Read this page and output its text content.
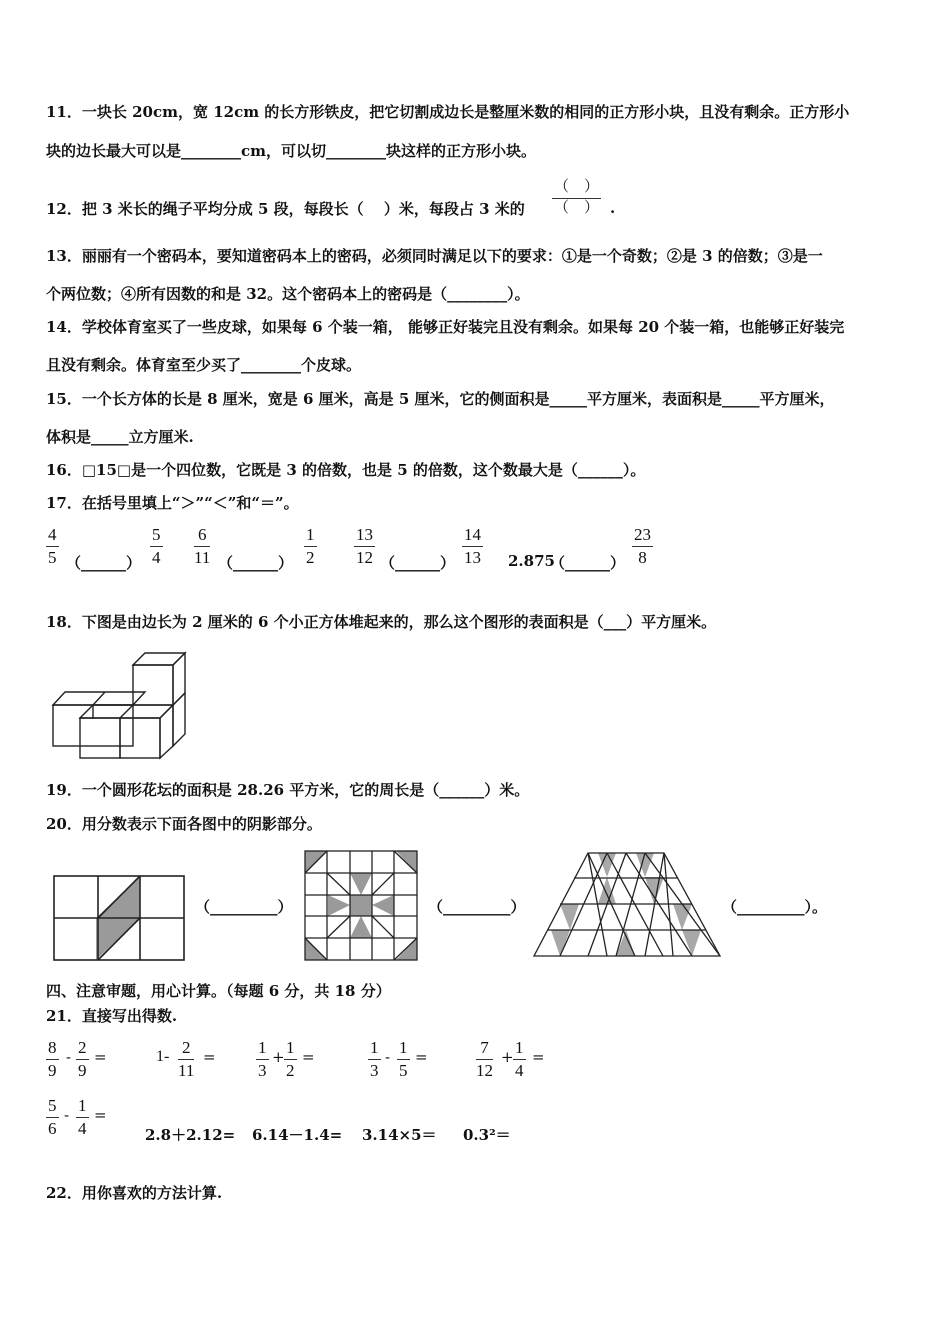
11．一块长 20cm，宽 12cm 的长方形铁皮，把它切割成边长是整厘米数的相同的正方形小块，且没有剩余。正方形小
块的边长最大可以是________cm，可以切________块这样的正方形小块。
12．把 3 米长的绳子平均分成 5 段，每段长（　 ）米，每段占 3 米的
（　）
（　） .
13．丽丽有一个密码本，要知道密码本上的密码，必须同时满足以下的要求：①是一个奇数；②是 3 的倍数；③是一
个两位数；④所有因数的和是 32。这个密码本上的密码是（________）。
14．学校体育室买了一些皮球，如果每 6 个装一箱， 能够正好装完且没有剩余。如果每 20 个装一箱，也能够正好装完
且没有剩余。体育室至少买了________个皮球。
15．一个长方体的长是 8 厘米，宽是 6 厘米，高是 5 厘米，它的侧面积是_____平方厘米，表面积是_____平方厘米，
体积是_____立方厘米.
16．□15□是一个四位数，它既是 3 的倍数，也是 5 的倍数，这个数最大是（______）。
17．在括号里填上“＞”“＜”和“＝”。
4
5 （______）
5
4
6
11 （______）
1
2
13
12 （______）
14
13 2.875
（______）
23
8
18．下图是由边长为 2 厘米的 6 个小正方体堆起来的，那么这个图形的表面积是（___）平方厘米。
19．一个圆形花坛的面积是 28.26 平方米，它的周长是（______）米。
20．用分数表示下面各图中的阴影部分。
（_________）	（_________）	（_________）。
四、注意审题，用心计算。（每题 6 分，共 18 分）
21．直接写出得数.
8
9
- 2
9
=	1- 2
11
= 1
3
+ 1
2
=	1
3
- 1
5
=	7
12
+ 1
4
=
5
6
- 1
4
=
2.8＋2.12= 6.14－1.4= 3.14×5＝ 0.3²＝
22．用你喜欢的方法计算.
